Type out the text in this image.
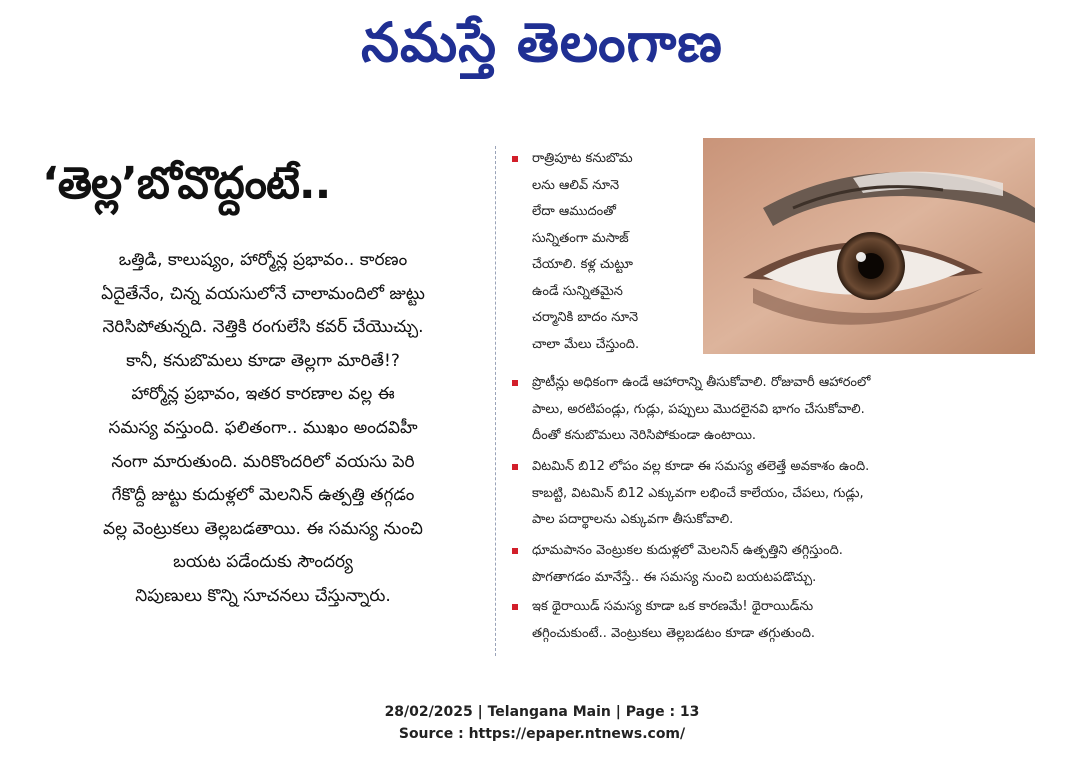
నమస్తే తెలంగాణ
‘తెల్ల’బోవొద్దంటే..
ఒత్తిడి, కాలుష్యం, హార్మోన్ల ప్రభావం.. కారణం
ఏదైతేనేం, చిన్న వయసులోనే చాలామందిలో జుట్టు
నెరిసిపోతున్నది. నెత్తికి రంగులేసి కవర్‌ చేయొచ్చు.
కానీ, కనుబొమలు కూడా తెల్లగా మారితే!?
హార్మోన్ల ప్రభావం, ఇతర కారణాల వల్ల ఈ
సమస్య వస్తుంది. ఫలితంగా.. ముఖం అందవిహీ
నంగా మారుతుంది. మరికొందరిలో వయసు పెరి
గేకొద్దీ జుట్టు కుదుళ్లలో మెలనిన్‌ ఉత్పత్తి తగ్గడం
వల్ల వెంట్రుకలు తెల్లబడతాయి. ఈ సమస్య నుంచి
బయట పడేందుకు సౌందర్య
నిపుణులు కొన్ని సూచనలు చేస్తున్నారు.
రాత్రిపూట కనుబొమ
లను ఆలివ్‌ నూనె
లేదా ఆముదంతో
సున్నితంగా మసాజ్‌
చేయాలి. కళ్ల చుట్టూ
ఉండే సున్నితమైన
చర్మానికి బాదం నూనె
చాలా మేలు చేస్తుంది.
ప్రొటీన్లు అధికంగా ఉండే ఆహారాన్ని తీసుకోవాలి. రోజువారీ ఆహారంలో
పాలు, అరటిపండ్లు, గుడ్లు, పప్పులు మొదలైనవి భాగం చేసుకోవాలి.
దీంతో కనుబొమలు నెరిసిపోకుండా ఉంటాయి.
విటమిన్‌ బి12 లోపం వల్ల కూడా ఈ సమస్య తలెత్తే అవకాశం ఉంది.
కాబట్టి, విటమిన్‌ బి12 ఎక్కువగా లభించే కాలేయం, చేపలు, గుడ్లు,
పాల పదార్థాలను ఎక్కువగా తీసుకోవాలి.
ధూమపానం వెంట్రుకల కుదుళ్లలో మెలనిన్‌ ఉత్పత్తిని తగ్గిస్తుంది.
పొగతాగడం మానేస్తే.. ఈ సమస్య నుంచి బయటపడొచ్చు.
ఇక థైరాయిడ్‌ సమస్య కూడా ఒక కారణమే! థైరాయిడ్‌ను
తగ్గించుకుంటే.. వెంట్రుకలు తెల్లబడటం కూడా తగ్గుతుంది.
28/02/2025 | Telangana Main | Page : 13
Source : https://epaper.ntnews.com/
